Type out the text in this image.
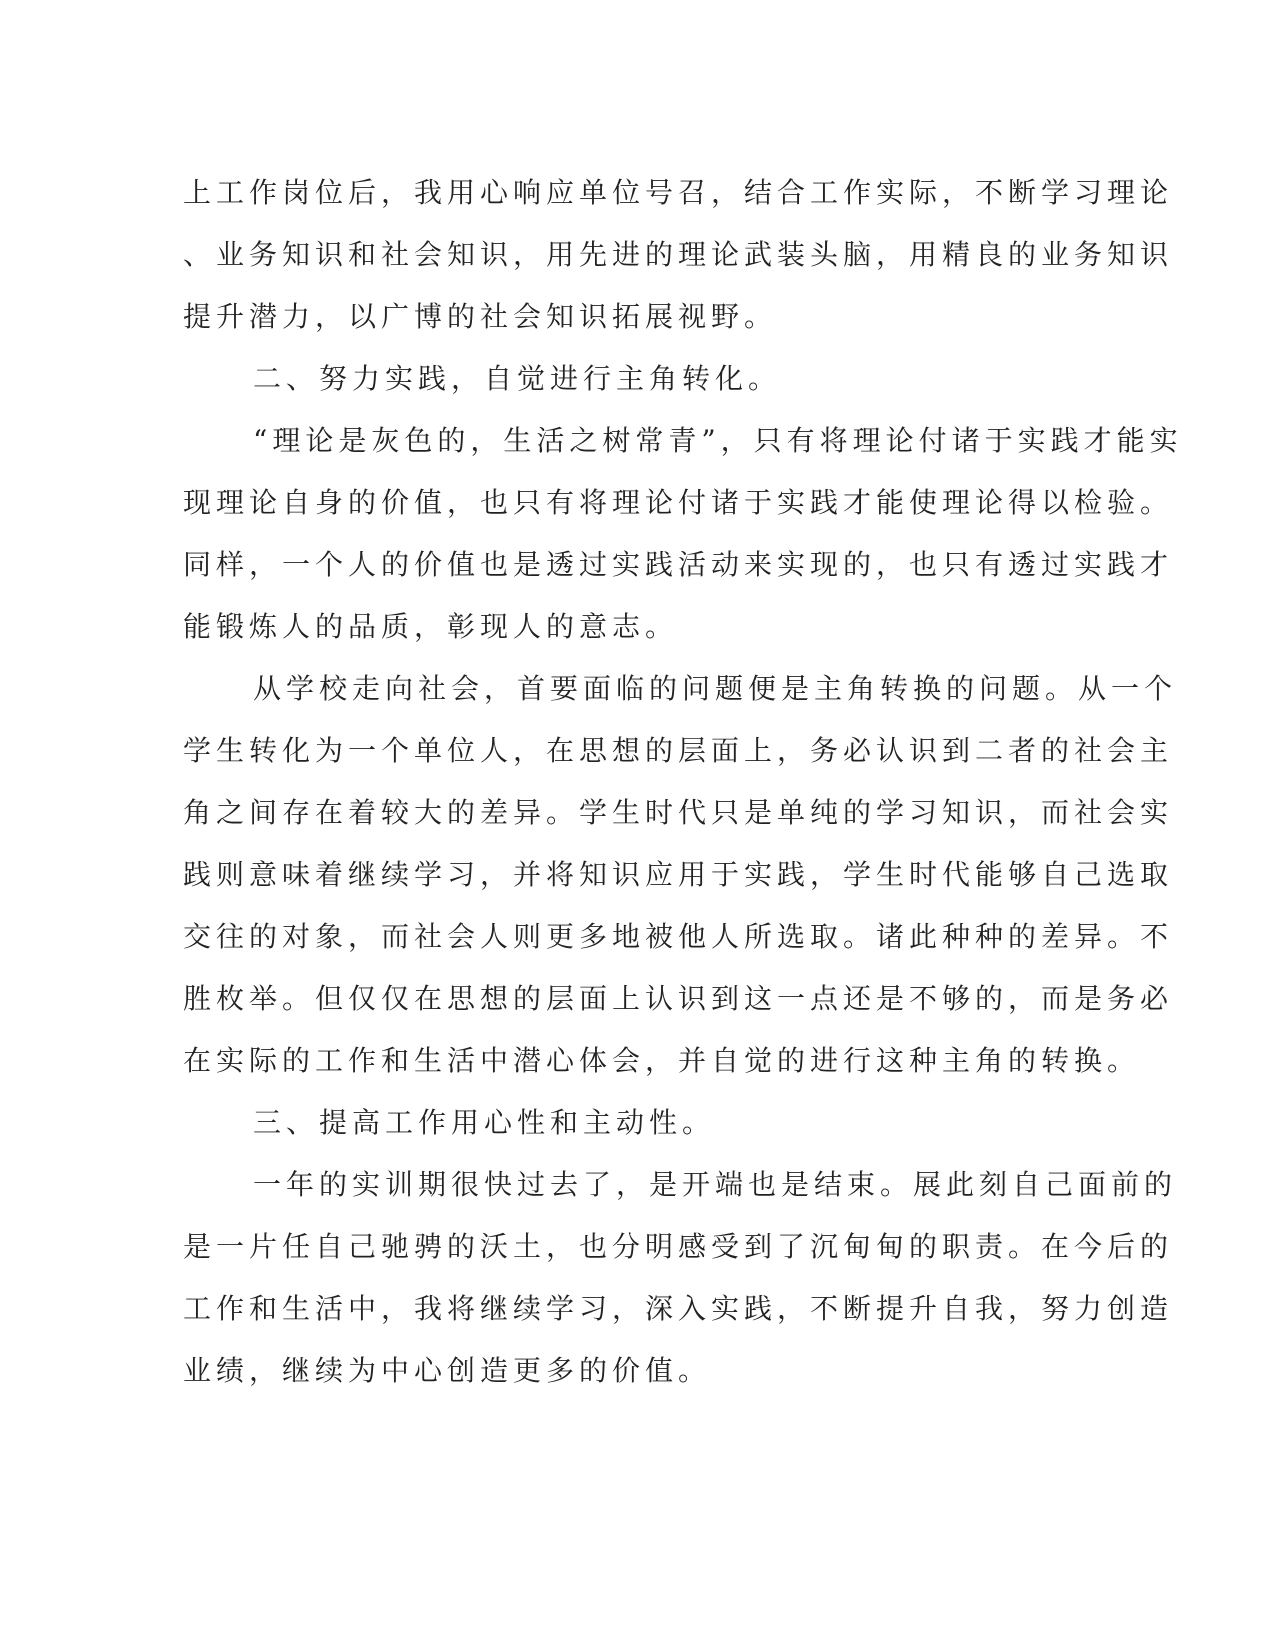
上工作岗位后，我用心响应单位号召，结合工作实际，不断学习理论
、业务知识和社会知识，用先进的理论武装头脑，用精良的业务知识
提升潜力，以广博的社会知识拓展视野。
二、努力实践，自觉进行主角转化。
“理论是灰色的，生活之树常青”，只有将理论付诸于实践才能实
现理论自身的价值，也只有将理论付诸于实践才能使理论得以检验。
同样，一个人的价值也是透过实践活动来实现的，也只有透过实践才
能锻炼人的品质，彰现人的意志。
从学校走向社会，首要面临的问题便是主角转换的问题。从一个
学生转化为一个单位人，在思想的层面上，务必认识到二者的社会主
角之间存在着较大的差异。学生时代只是单纯的学习知识，而社会实
践则意味着继续学习，并将知识应用于实践，学生时代能够自己选取
交往的对象，而社会人则更多地被他人所选取。诸此种种的差异。不
胜枚举。但仅仅在思想的层面上认识到这一点还是不够的，而是务必
在实际的工作和生活中潜心体会，并自觉的进行这种主角的转换。
三、提高工作用心性和主动性。
一年的实训期很快过去了，是开端也是结束。展此刻自己面前的
是一片任自己驰骋的沃土，也分明感受到了沉甸甸的职责。在今后的
工作和生活中，我将继续学习，深入实践，不断提升自我，努力创造
业绩，继续为中心创造更多的价值。
